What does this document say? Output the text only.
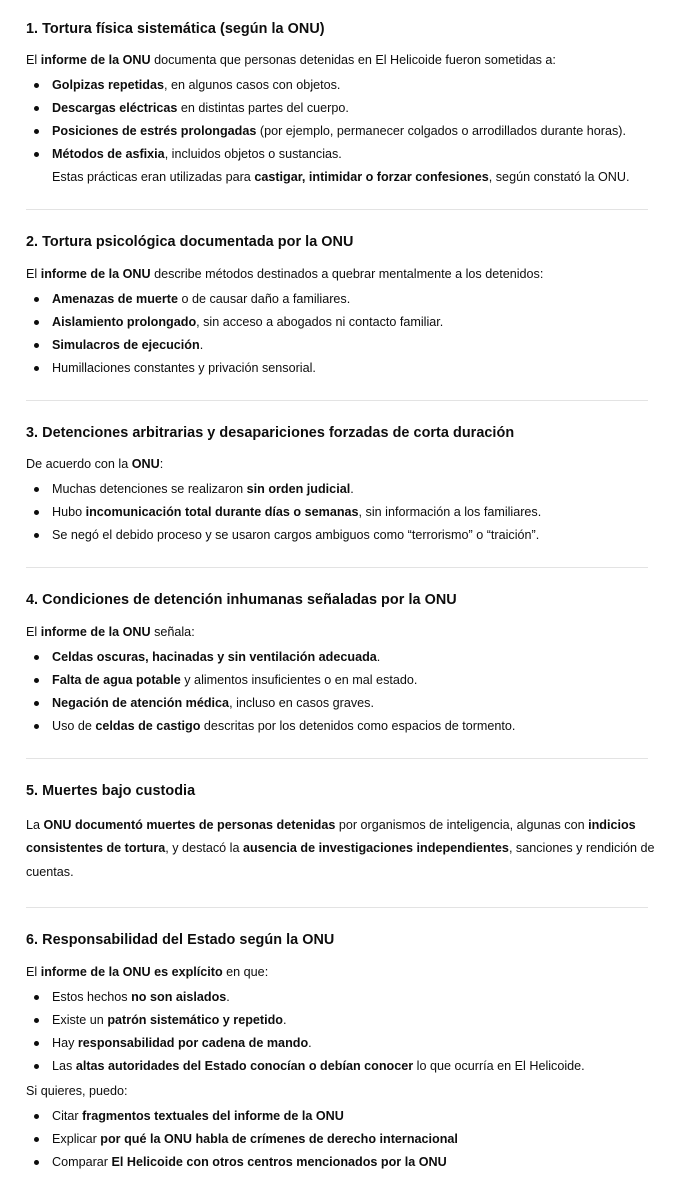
1. Tortura física sistemática (según la ONU)

El informe de la ONU documenta que personas detenidas en El Helicoide fueron sometidas a:

Golpizas repetidas, en algunos casos con objetos.
Descargas eléctricas en distintas partes del cuerpo.
Posiciones de estrés prolongadas (por ejemplo, permanecer colgados o arrodillados durante horas).
Métodos de asfixia, incluidos objetos o sustancias.
Estas prácticas eran utilizadas para castigar, intimidar o forzar confesiones, según constató la ONU.
2. Tortura psicológica documentada por la ONU

El informe de la ONU describe métodos destinados a quebrar mentalmente a los detenidos:

Amenazas de muerte o de causar daño a familiares.
Aislamiento prolongado, sin acceso a abogados ni contacto familiar.
Simulacros de ejecución.
Humillaciones constantes y privación sensorial.
3. Detenciones arbitrarias y desapariciones forzadas de corta duración

De acuerdo con la ONU:

Muchas detenciones se realizaron sin orden judicial.
Hubo incomunicación total durante días o semanas, sin información a los familiares.
Se negó el debido proceso y se usaron cargos ambiguos como “terrorismo” o “traición”.
4. Condiciones de detención inhumanas señaladas por la ONU

El informe de la ONU señala:

Celdas oscuras, hacinadas y sin ventilación adecuada.
Falta de agua potable y alimentos insuficientes o en mal estado.
Negación de atención médica, incluso en casos graves.
Uso de celdas de castigo descritas por los detenidos como espacios de tormento.
5. Muertes bajo custodia

La ONU documentó muertes de personas detenidas por organismos de inteligencia, algunas con indicios consistentes de tortura, y destacó la ausencia de investigaciones independientes, sanciones y rendición de cuentas.

6. Responsabilidad del Estado según la ONU

El informe de la ONU es explícito en que:

Estos hechos no son aislados.
Existe un patrón sistemático y repetido.
Hay responsabilidad por cadena de mando.
Las altas autoridades del Estado conocían o debían conocer lo que ocurría en El Helicoide.

Si quieres, puedo:

Citar fragmentos textuales del informe de la ONU
Explicar por qué la ONU habla de crímenes de derecho internacional
Comparar El Helicoide con otros centros mencionados por la ONU
